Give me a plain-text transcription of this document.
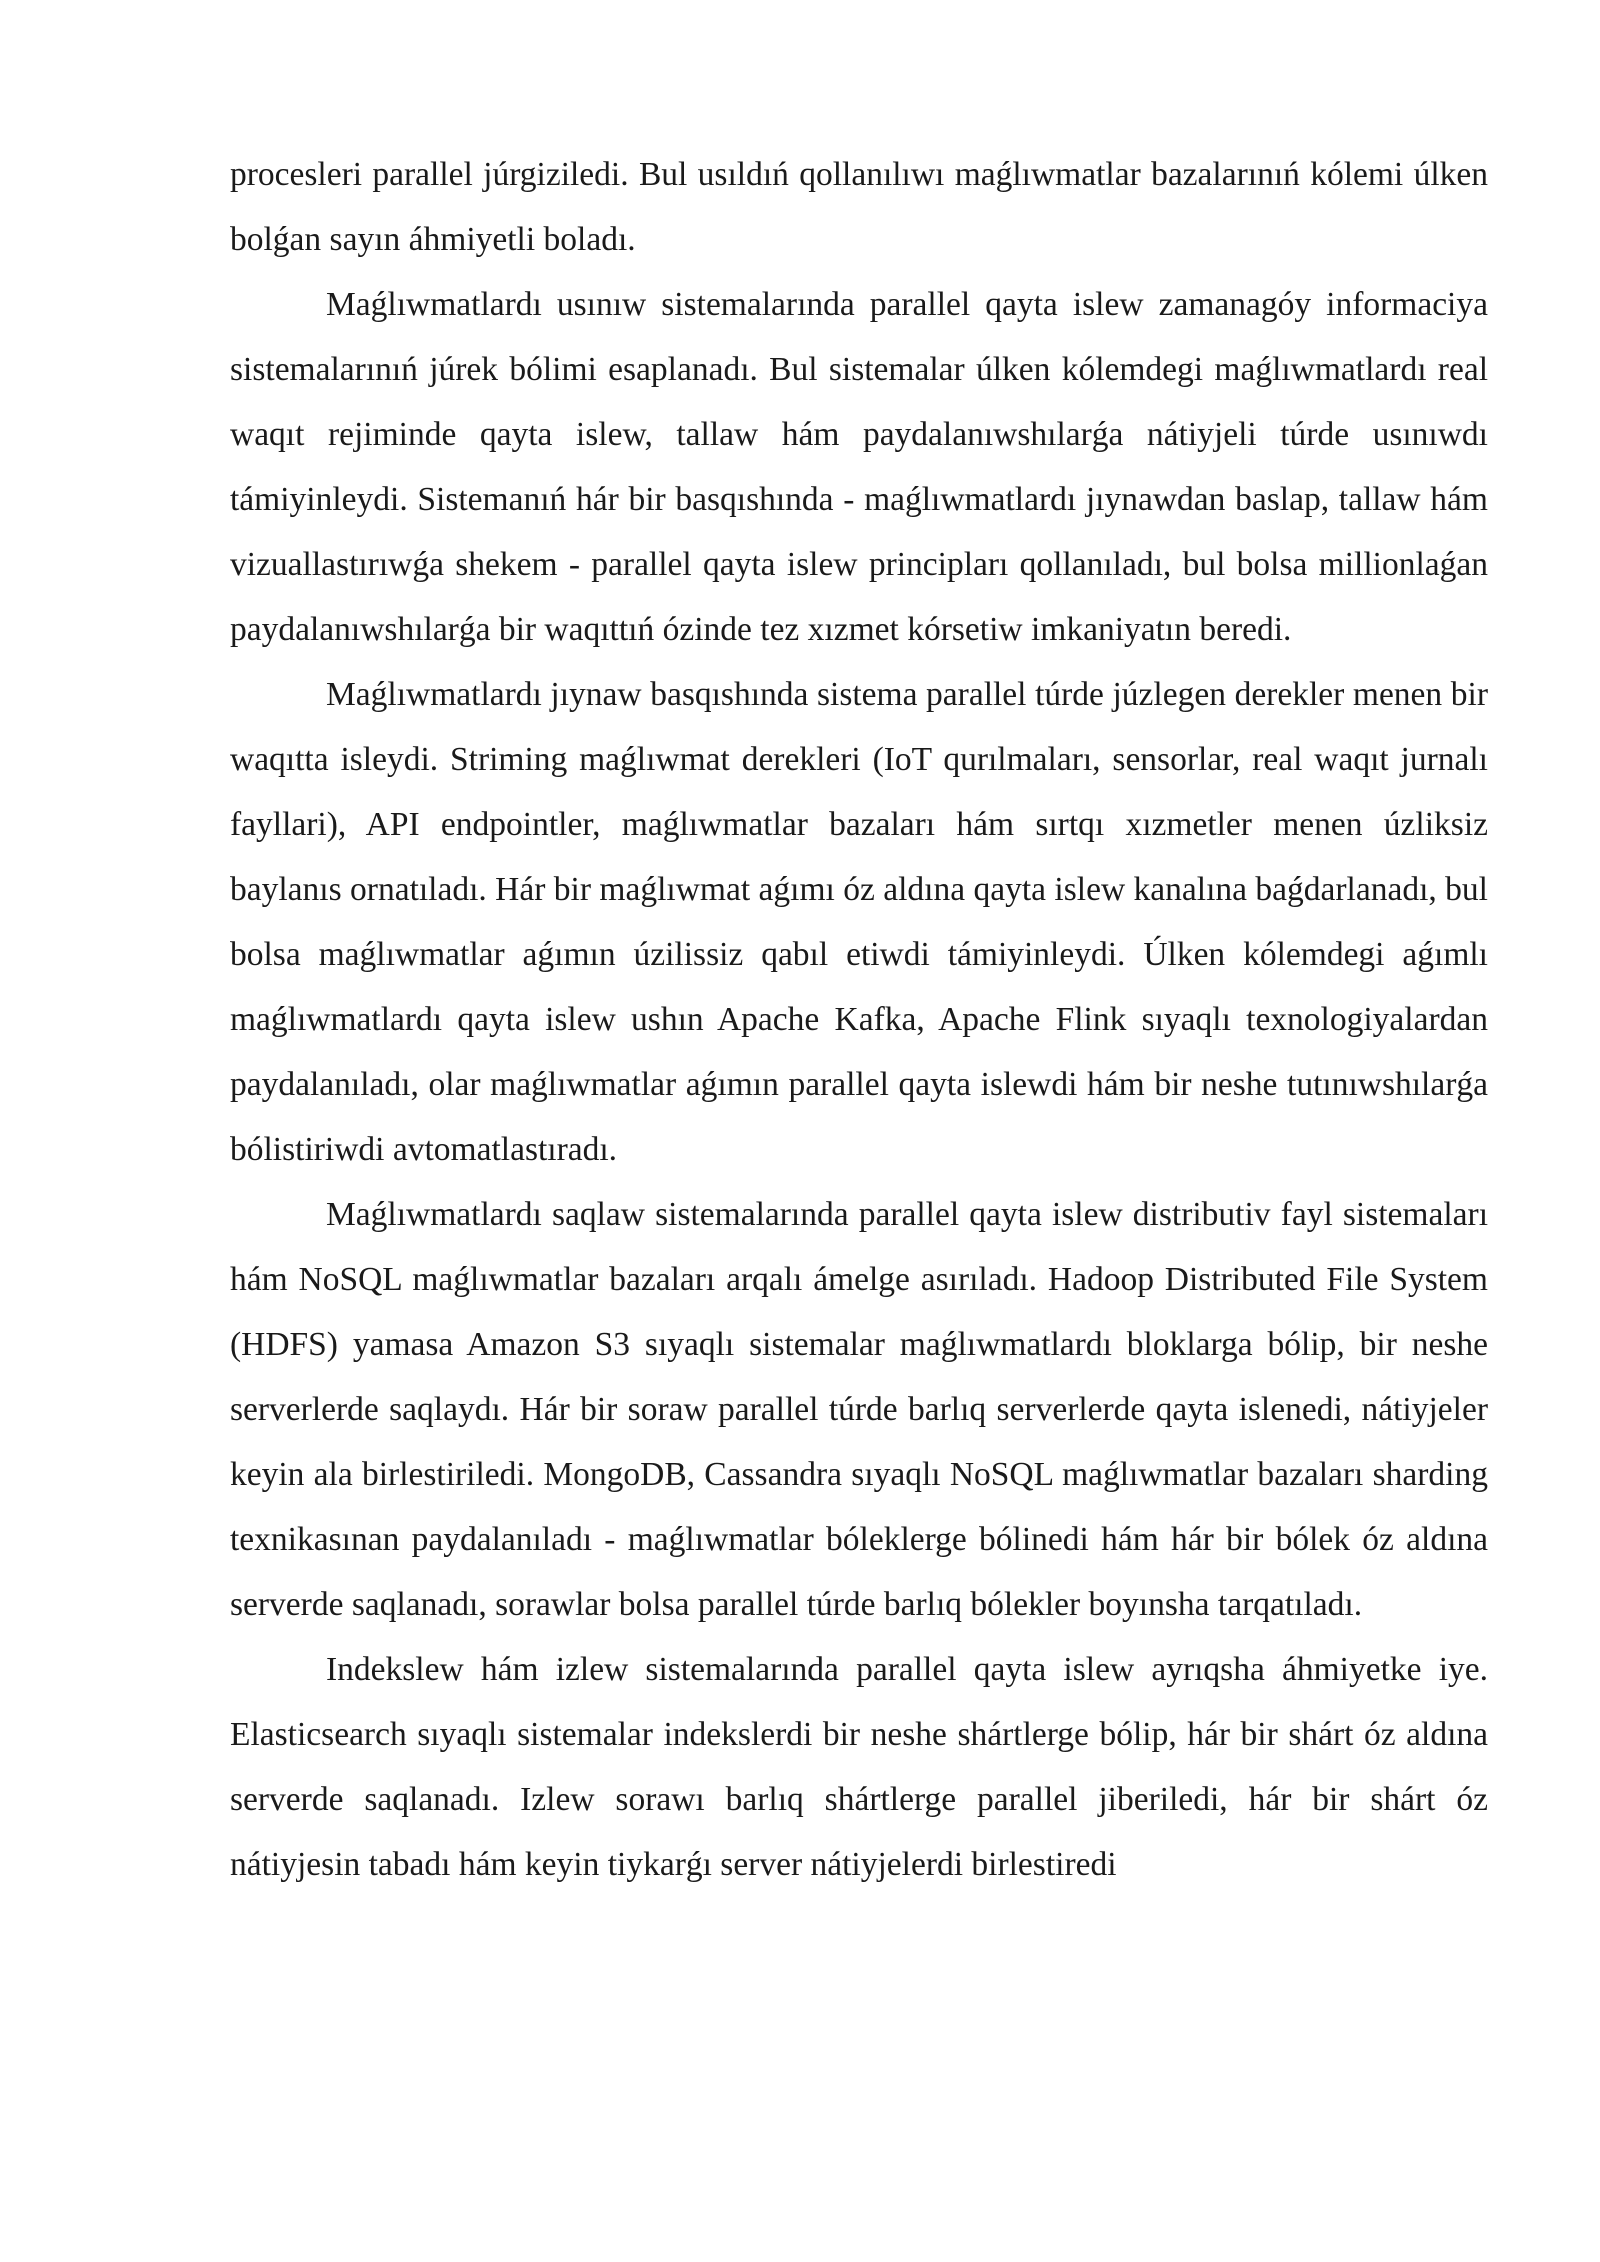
procesleri parallel júrgiziledi. Bul usıldıń qollanılıwı maǵlıwmatlar bazalarınıń kólemi úlken bolǵan sayın áhmiyetli boladı.

Maǵlıwmatlardı usınıw sistemalarında parallel qayta islew zamanagóy informaciya sistemalarınıń júrek bólimi esaplanadı. Bul sistemalar úlken kólemdegi maǵlıwmatlardı real waqıt rejiminde qayta islew, tallaw hám paydalanıwshılarǵa nátiyjeli túrde usınıwdı támiyinleydi. Sistemanıń hár bir basqıshında - maǵlıwmatlardı jıynawdan baslap, tallaw hám vizuallastırıwǵa shekem - parallel qayta islew principları qollanıladı, bul bolsa millionlaǵan paydalanıwshılarǵa bir waqıttıń ózinde tez xızmet kórsetiw imkaniyatın beredi.

Maǵlıwmatlardı jıynaw basqıshında sistema parallel túrde júzlegen derekler menen bir waqıtta isleydi. Striming maǵlıwmat derekleri (IoT qurılmaları, sensorlar, real waqıt jurnalı fayllari), API endpointler, maǵlıwmatlar bazaları hám sırtqı xızmetler menen úzliksiz baylanıs ornatıladı. Hár bir maǵlıwmat aǵımı óz aldına qayta islew kanalına baǵdarlanadı, bul bolsa maǵlıwmatlar aǵımın úzilissiz qabıl etiwdi támiyinleydi. Úlken kólemdegi aǵımlı maǵlıwmatlardı qayta islew ushın Apache Kafka, Apache Flink sıyaqlı texnologiyalardan paydalanıladı, olar maǵlıwmatlar aǵımın parallel qayta islewdi hám bir neshe tutınıwshılarǵa bólistiriwdi avtomatlastıradı.

Maǵlıwmatlardı saqlaw sistemalarında parallel qayta islew distributiv fayl sistemaları hám NoSQL maǵlıwmatlar bazaları arqalı ámelge asırıladı. Hadoop Distributed File System (HDFS) yamasa Amazon S3 sıyaqlı sistemalar maǵlıwmatlardı bloklarga bólip, bir neshe serverlerde saqlaydı. Hár bir soraw parallel túrde barlıq serverlerde qayta islenedi, nátiyjeler keyin ala birlestiriledi. MongoDB, Cassandra sıyaqlı NoSQL maǵlıwmatlar bazaları sharding texnikasınan paydalanıladı - maǵlıwmatlar bóleklerge bólinedi hám hár bir bólek óz aldına serverde saqlanadı, sorawlar bolsa parallel túrde barlıq bólekler boyınsha tarqatıladı.

Indekslew hám izlew sistemalarında parallel qayta islew ayrıqsha áhmiyetke iye. Elasticsearch sıyaqlı sistemalar indekslerdi bir neshe shártlerge bólip, hár bir shárt óz aldına serverde saqlanadı. Izlew sorawı barlıq shártlerge parallel jiberiledi, hár bir shárt óz nátiyjesin tabadı hám keyin tiykarǵı server nátiyjelerdi birlestiredi
